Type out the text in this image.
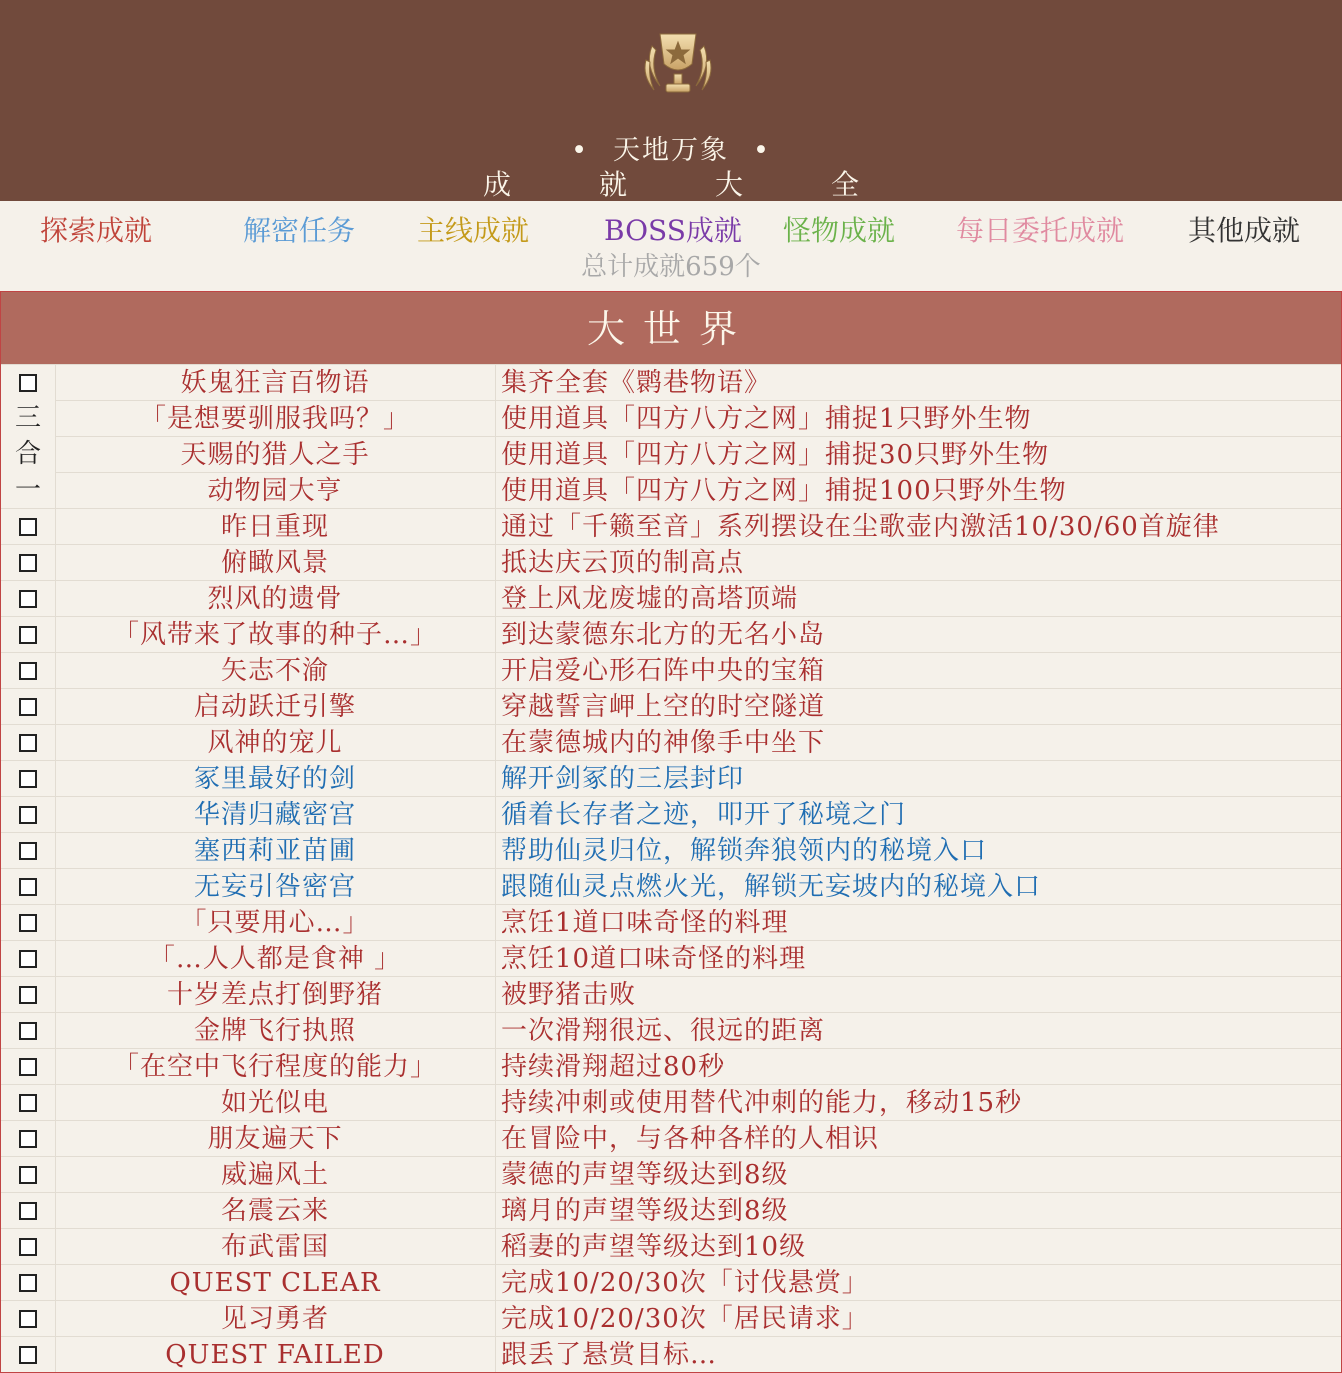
• 天地万象 •
成	就	大	全
探索成就	解密任务 主线成就	BOSS成就 怪物成就 每日委托成就 其他成就
总计成就659个
大世界
妖鬼狂言百物语	集齐全套《鹮巷物语》
「是想要驯服我吗？」	使用道具「四方八方之网」捕捉1只野外生物
天赐的猎人之手	使用道具「四方八方之网」捕捉30只野外生物
动物园大亨	使用道具「四方八方之网」捕捉100只野外生物
昨日重现	通过「千籁至音」系列摆设在尘歌壶内激活10/30/60首旋律
俯瞰风景	抵达庆云顶的制高点
烈风的遗骨	登上风龙废墟的高塔顶端
「风带来了故事的种子…」	到达蒙德东北方的无名小岛
矢志不渝	开启爱心形石阵中央的宝箱
启动跃迁引擎	穿越誓言岬上空的时空隧道
风神的宠儿	在蒙德城内的神像手中坐下
冢里最好的剑	解开剑冢的三层封印
华清归藏密宫	循着长存者之迹，叩开了秘境之门
塞西莉亚苗圃	帮助仙灵归位，解锁奔狼领内的秘境入口
无妄引咎密宫	跟随仙灵点燃火光，解锁无妄坡内的秘境入口
「只要用心…」	烹饪1道口味奇怪的料理
「…人人都是食神 」	烹饪10道口味奇怪的料理
十岁差点打倒野猪	被野猪击败
金牌飞行执照	一次滑翔很远、很远的距离
「在空中飞行程度的能力」	持续滑翔超过80秒
如光似电	持续冲刺或使用替代冲刺的能力，移动15秒
朋友遍天下	在冒险中，与各种各样的人相识
威遍风土	蒙德的声望等级达到8级
名震云来	璃月的声望等级达到8级
布武雷国	稻妻的声望等级达到10级
QUEST CLEAR	完成10/20/30次「讨伐悬赏」
见习勇者	完成10/20/30次「居民请求」
QUEST FAILED	跟丢了悬赏目标…
三
合
一
